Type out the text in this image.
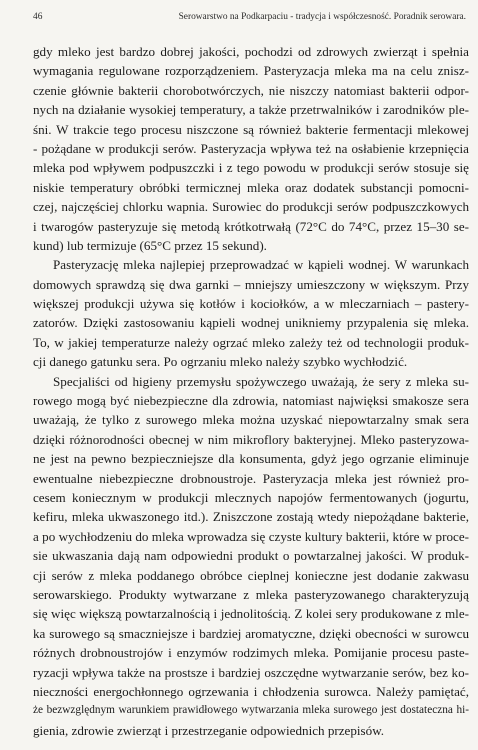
46	Serowarstwo na Podkarpaciu - tradycja i współczesność. Poradnik serowara.
gdy mleko jest bardzo dobrej jakości, pochodzi od zdrowych zwierząt i spełnia
wymagania regulowane rozporządzeniem. Pasteryzacja mleka ma na celu znisz-
czenie głównie bakterii chorobotwórczych, nie niszczy natomiast bakterii odpor-
nych na działanie wysokiej temperatury, a także przetrwalników i zarodników ple-
śni. W trakcie tego procesu niszczone są również bakterie fermentacji mlekowej
- pożądane w produkcji serów. Pasteryzacja wpływa też na osłabienie krzepnięcia
mleka pod wpływem podpuszczki i z tego powodu w produkcji serów stosuje się
niskie temperatury obróbki termicznej mleka oraz dodatek substancji pomocni-
czej, najczęściej chlorku wapnia. Surowiec do produkcji serów podpuszczkowych
i twarogów pasteryzuje się metodą krótkotrwałą (72°C do 74°C, przez 15–30 se-
kund) lub termizuje (65°C przez 15 sekund).
Pasteryzację mleka najlepiej przeprowadzać w kąpieli wodnej. W warunkach
domowych sprawdzą się dwa garnki – mniejszy umieszczony w większym. Przy
większej produkcji używa się kotłów i kociołków, a w mleczarniach – pastery-
zatorów. Dzięki zastosowaniu kąpieli wodnej unikniemy przypalenia się mleka.
To, w jakiej temperaturze należy ogrzać mleko zależy też od technologii produk-
cji danego gatunku sera. Po ogrzaniu mleko należy szybko wychłodzić.
Specjaliści od higieny przemysłu spożywczego uważają, że sery z mleka su-
rowego mogą być niebezpieczne dla zdrowia, natomiast najwięksi smakosze sera
uważają, że tylko z surowego mleka można uzyskać niepowtarzalny smak sera
dzięki różnorodności obecnej w nim mikroflory bakteryjnej. Mleko pasteryzowa-
ne jest na pewno bezpieczniejsze dla konsumenta, gdyż jego ogrzanie eliminuje
ewentualne niebezpieczne drobnoustroje. Pasteryzacja mleka jest również pro-
cesem koniecznym w produkcji mlecznych napojów fermentowanych (jogurtu,
kefiru, mleka ukwaszonego itd.). Zniszczone zostają wtedy niepożądane bakterie,
a po wychłodzeniu do mleka wprowadza się czyste kultury bakterii, które w proce-
sie ukwaszania dają nam odpowiedni produkt o powtarzalnej jakości. W produk-
cji serów z mleka poddanego obróbce cieplnej konieczne jest dodanie zakwasu
serowarskiego. Produkty wytwarzane z mleka pasteryzowanego charakteryzują
się więc większą powtarzalnością i jednolitością. Z kolei sery produkowane z mle-
ka surowego są smaczniejsze i bardziej aromatyczne, dzięki obecności w surowcu
różnych drobnoustrojów i enzymów rodzimych mleka. Pomijanie procesu paste-
ryzacji wpływa także na prostsze i bardziej oszczędne wytwarzanie serów, bez ko-
nieczności energochłonnego ogrzewania i chłodzenia surowca. Należy pamiętać,
że bezwzględnym warunkiem prawidłowego wytwarzania mleka surowego jest dostateczna hi-
gienia, zdrowie zwierząt i przestrzeganie odpowiednich przepisów.
